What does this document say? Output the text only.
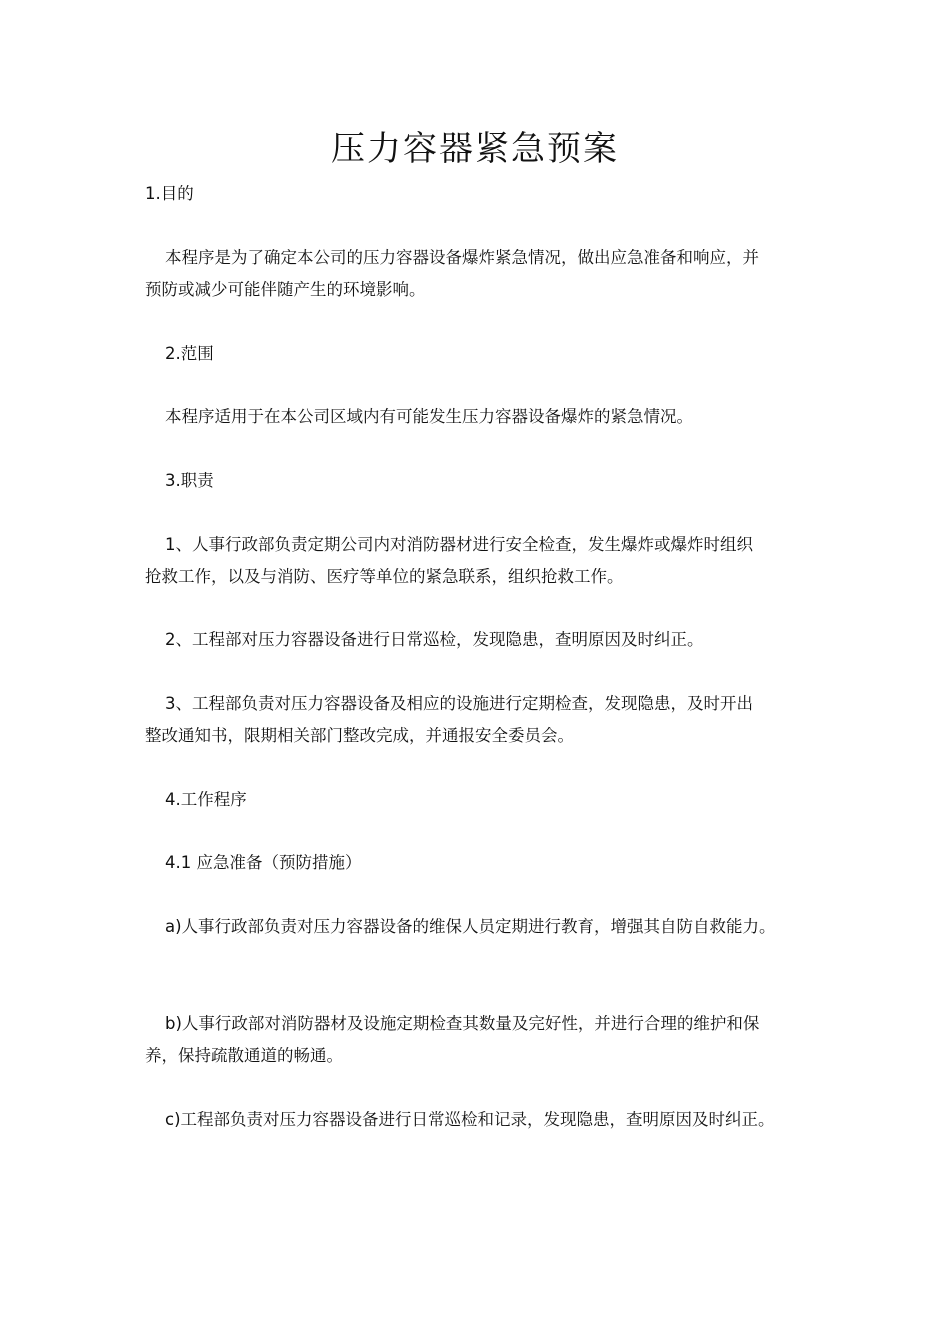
压力容器紧急预案

1.目的

本程序是为了确定本公司的压力容器设备爆炸紧急情况，做出应急准备和响应，并
预防或减少可能伴随产生的环境影响。

2.范围

本程序适用于在本公司区域内有可能发生压力容器设备爆炸的紧急情况。

3.职责

1、人事行政部负责定期公司内对消防器材进行安全检查，发生爆炸或爆炸时组织
抢救工作，以及与消防、医疗等单位的紧急联系，组织抢救工作。

2、工程部对压力容器设备进行日常巡检，发现隐患，查明原因及时纠正。

3、工程部负责对压力容器设备及相应的设施进行定期检查，发现隐患，及时开出
整改通知书，限期相关部门整改完成，并通报安全委员会。

4.工作程序

4.1 应急准备（预防措施）

a)人事行政部负责对压力容器设备的维保人员定期进行教育，增强其自防自救能力。

b)人事行政部对消防器材及设施定期检查其数量及完好性，并进行合理的维护和保
养，保持疏散通道的畅通。

c)工程部负责对压力容器设备进行日常巡检和记录，发现隐患，查明原因及时纠正。
